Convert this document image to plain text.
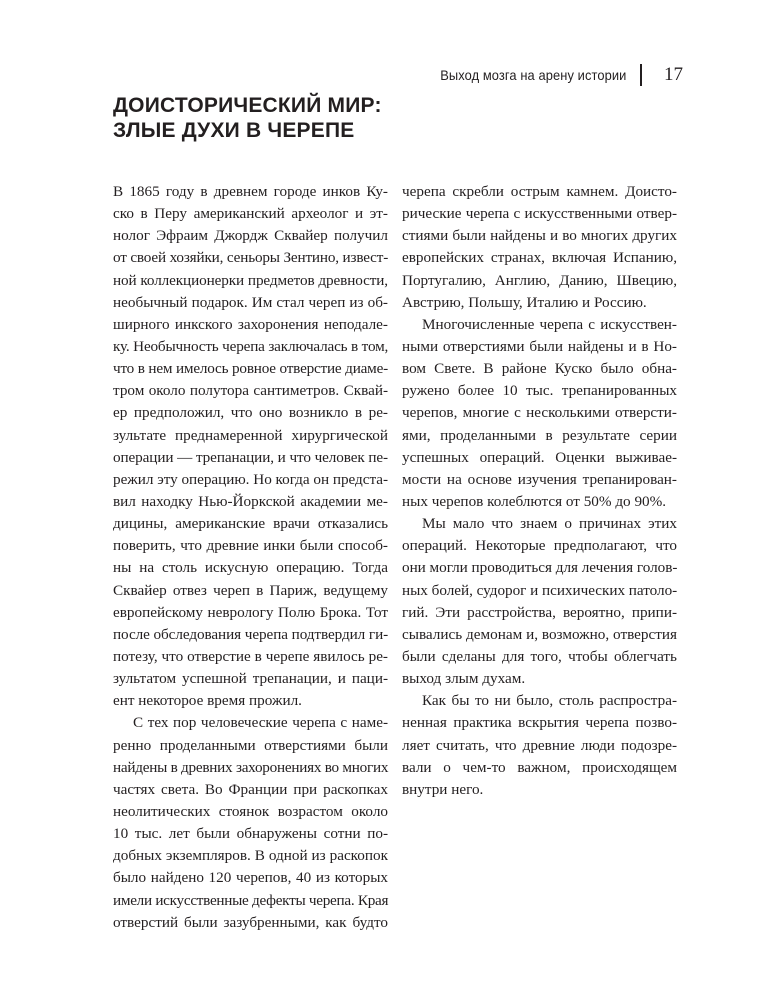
Выход мозга на арену истории 17
ДОИСТОРИЧЕСКИЙ МИР:
ЗЛЫЕ ДУХИ В ЧЕРЕПЕ
В 1865 году в древнем городе инков Ку-
ско в Перу американский археолог и эт-
нолог Эфраим Джордж Сквайер получил
от своей хозяйки, сеньоры Зентино, извест-
ной коллекционерки предметов древности,
необычный подарок. Им стал череп из об-
ширного инкского захоронения неподале-
ку. Необычность черепа заключалась в том,
что в нем имелось ровное отверстие диаме-
тром около полутора сантиметров. Сквай-
ер предположил, что оно возникло в ре-
зультате преднамеренной хирургической
операции — трепанации, и что человек пе-
режил эту операцию. Но когда он предста-
вил находку Нью-Йоркской академии ме-
дицины, американские врачи отказались
поверить, что древние инки были способ-
ны на столь искусную операцию. Тогда
Сквайер отвез череп в Париж, ведущему
европейскому неврологу Полю Брока. Тот
после обследования черепа подтвердил ги-
потезу, что отверстие в черепе явилось ре-
зультатом успешной трепанации, и паци-
ент некоторое время прожил.
С тех пор человеческие черепа с наме-
ренно проделанными отверстиями были
найдены в древних захоронениях во многих
частях света. Во Франции при раскопках
неолитических стоянок возрастом около
10 тыс. лет были обнаружены сотни по-
добных экземпляров. В одной из раскопок
было найдено 120 черепов, 40 из которых
имели искусственные дефекты черепа. Края
отверстий были зазубренными, как будто
черепа скребли острым камнем. Доисто-
рические черепа с искусственными отвер-
стиями были найдены и во многих других
европейских странах, включая Испанию,
Португалию, Англию, Данию, Швецию,
Австрию, Польшу, Италию и Россию.
Многочисленные черепа с искусствен-
ными отверстиями были найдены и в Но-
вом Свете. В районе Куско было обна-
ружено более 10 тыс. трепанированных
черепов, многие с несколькими отверсти-
ями, проделанными в результате серии
успешных операций. Оценки выживае-
мости на основе изучения трепанирован-
ных черепов колеблются от 50% до 90%.
Мы мало что знаем о причинах этих
операций. Некоторые предполагают, что
они могли проводиться для лечения голов-
ных болей, судорог и психических патоло-
гий. Эти расстройства, вероятно, припи-
сывались демонам и, возможно, отверстия
были сделаны для того, чтобы облегчать
выход злым духам.
Как бы то ни было, столь распростра-
ненная практика вскрытия черепа позво-
ляет считать, что древние люди подозре-
вали о чем-то важном, происходящем
внутри него.
